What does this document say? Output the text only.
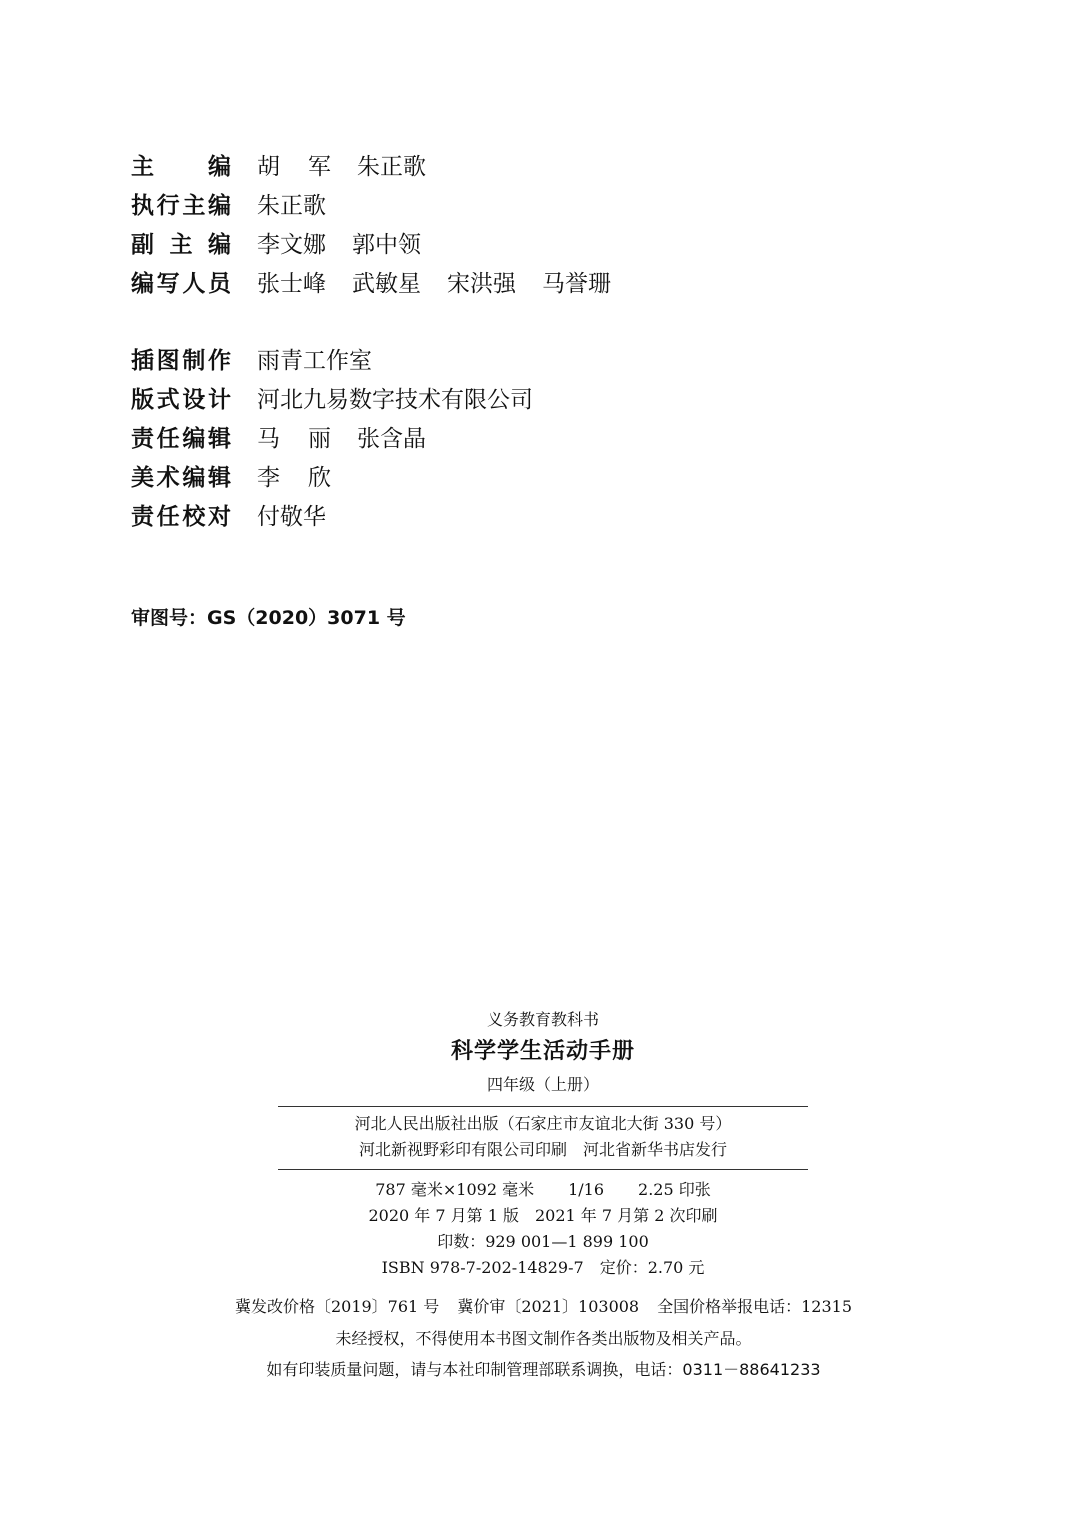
主 编 胡 军 朱正歌
执 行 主 编 朱正歌
副 主 编 李文娜 郭中领
编 写 人 员 张士峰 武敏星 宋洪强 马誉珊
插 图 制 作 雨青工作室
版 式 设 计 河北九易数字技术有限公司
责 任 编 辑 马 丽 张含晶
美 术 编 辑 李 欣
责 任 校 对 付敬华
审图号：GS（2020）3071 号
义务教育教科书
科学学生活动手册
四年级（上册）
河北人民出版社出版（石家庄市友谊北大街 330 号）
河北新视野彩印有限公司印刷　河北省新华书店发行
787 毫米×1092 毫米 1/16 2.25 印张
2020 年 7 月第 1 版 2021 年 7 月第 2 次印刷
印数：929 001—1 899 100
ISBN 978-7-202-14829-7 定价：2.70 元
冀发改价格〔2019〕761 号 冀价审〔2021〕103008 全国价格举报电话：12315
未经授权，不得使用本书图文制作各类出版物及相关产品。
如有印装质量问题，请与本社印制管理部联系调换，电话：0311－88641233
